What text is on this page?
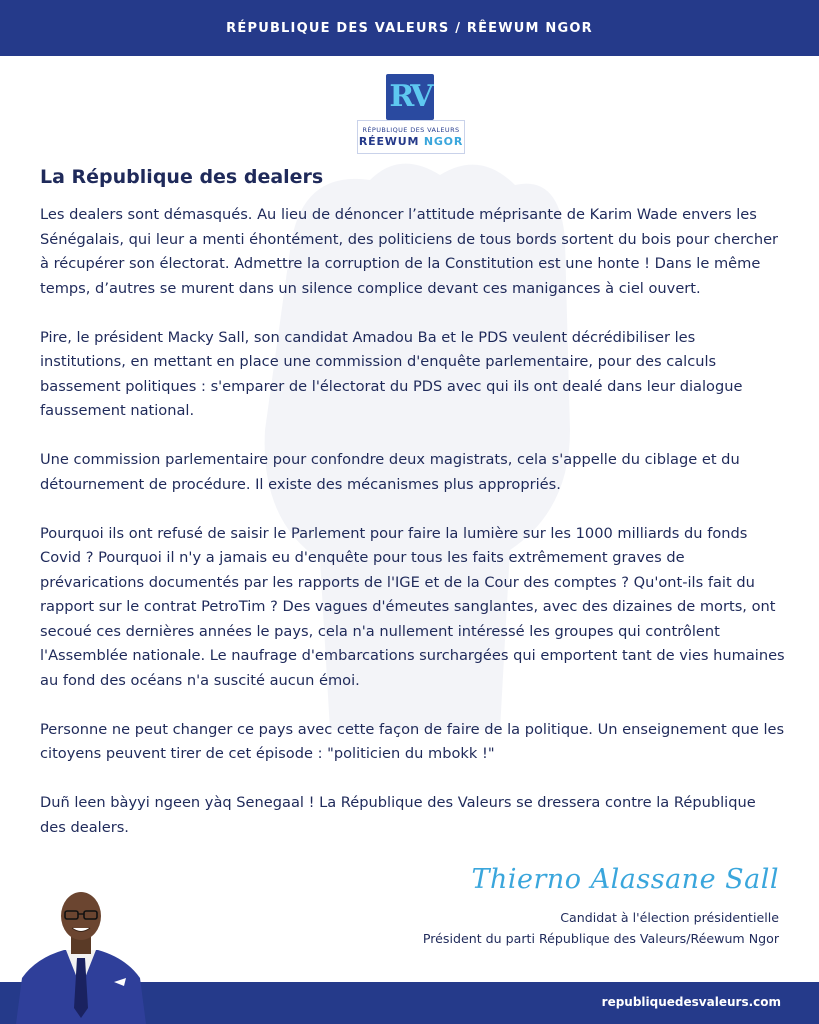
RÉPUBLIQUE DES VALEURS / RÊEWUM NGOR
RV
RÉPUBLIQUE DES VALEURS
RÉEWUM NGOR
La République des dealers

Les dealers sont démasqués. Au lieu de dénoncer l’attitude méprisante de Karim Wade envers les Sénégalais, qui leur a menti éhontément, des politiciens de tous bords sortent du bois pour chercher à récupérer son électorat. Admettre la corruption de la Constitution est une honte ! Dans le même temps, d’autres se murent dans un silence complice devant ces manigances à ciel ouvert.

Pire, le président Macky Sall, son candidat Amadou Ba et le PDS veulent décrédibiliser les institutions, en mettant en place une commission d'enquête parlementaire, pour des calculs bassement politiques : s'emparer de l'électorat du PDS avec qui ils ont dealé dans leur dialogue faussement national.

Une commission parlementaire pour confondre deux magistrats, cela s'appelle du ciblage et du détournement de procédure. Il existe des mécanismes plus appropriés.

Pourquoi ils ont refusé de saisir le Parlement pour faire la lumière sur les 1000 milliards du fonds Covid ? Pourquoi il n'y a jamais eu d'enquête pour tous les faits extrêmement graves de prévarications documentés par les rapports de l'IGE et de la Cour des comptes ? Qu'ont-ils fait du rapport sur le contrat PetroTim ? Des vagues d'émeutes sanglantes, avec des dizaines de morts, ont secoué ces dernières années le pays, cela n'a nullement intéressé les groupes qui contrôlent l'Assemblée nationale. Le naufrage d'embarcations surchargées qui emportent tant de vies humaines au fond des océans n'a suscité aucun émoi.

Personne ne peut changer ce pays avec cette façon de faire de la politique. Un enseignement que les citoyens peuvent tirer de cet épisode : "politicien du mbokk !"

Duñ leen bàyyi ngeen yàq Senegaal ! La République des Valeurs se dressera contre la République des dealers.

Thierno Alassane Sall
Candidat à l'élection présidentielle
Président du parti République des Valeurs/Réewum Ngor
republiquedesvaleurs.com
